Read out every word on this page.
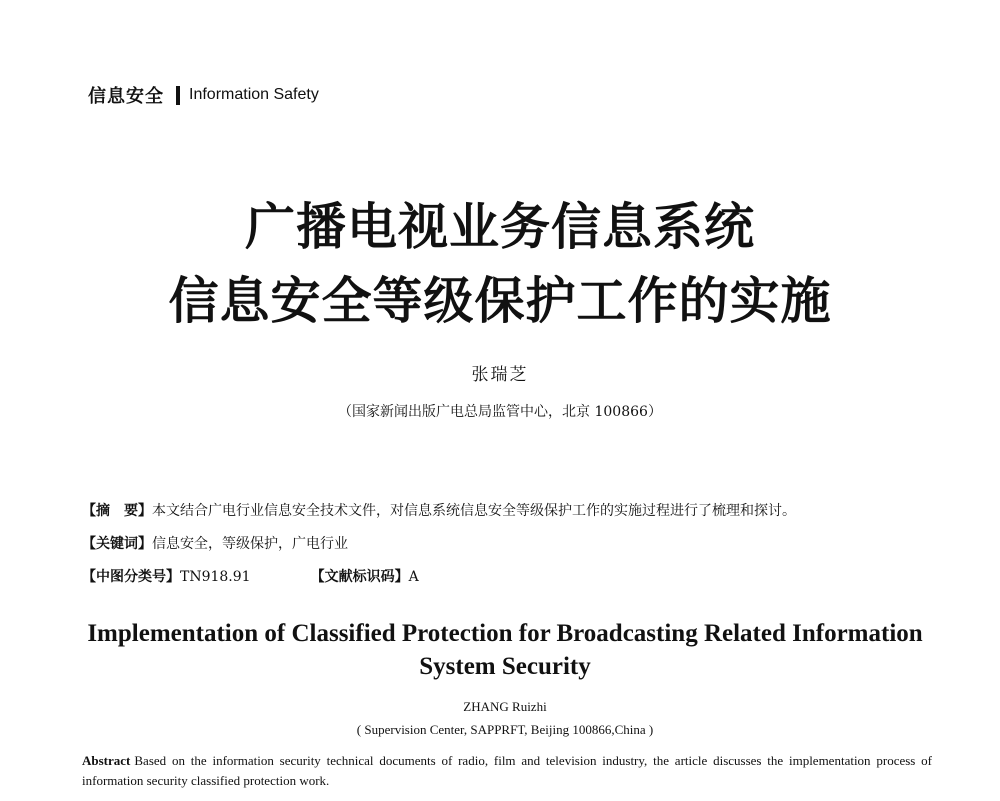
信息安全 Information Safety
广播电视业务信息系统
信息安全等级保护工作的实施
张瑞芝
（国家新闻出版广电总局监管中心，北京 100866）
【摘　要】本文结合广电行业信息安全技术文件，对信息系统信息安全等级保护工作的实施过程进行了梳理和探讨。
【关键词】信息安全，等级保护，广电行业
【中图分类号】TN918.91	【文献标识码】A
Implementation of Classified Protection for Broadcasting Related Information
System Security
ZHANG Ruizhi
( Supervision Center, SAPPRFT, Beijing 100866,China )
Abstract Based on the information security technical documents of radio, film and television industry, the article discusses the implementation process of information security classified protection work.
